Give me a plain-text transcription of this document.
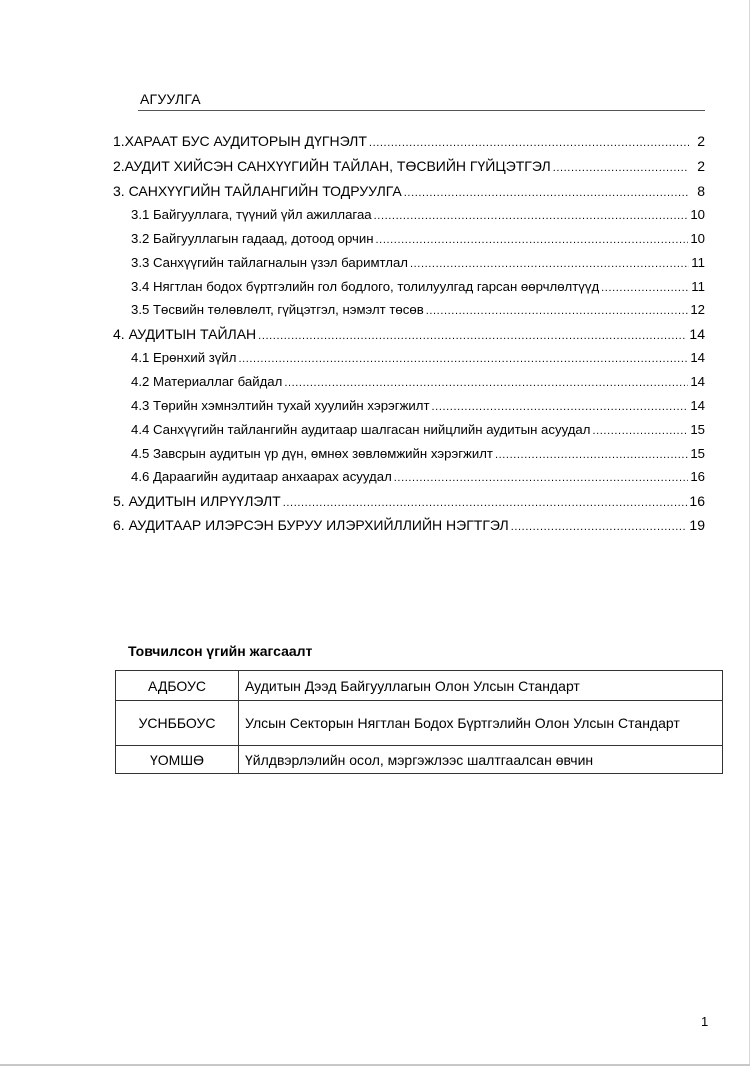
АГУУЛГА
1.ХАРААТ БУС АУДИТОРЫН ДҮГНЭЛТ .....	2
2.АУДИТ ХИЙСЭН САНХҮҮГИЙН ТАЙЛАН, ТӨСВИЙН ГҮЙЦЭТГЭЛ .....	2
3. САНХҮҮГИЙН ТАЙЛАНГИЙН ТОДРУУЛГА .....	8
3.1 Байгууллага, түүний үйл ажиллагаа .....	10
3.2 Байгууллагын гадаад, дотоод орчин .....	10
3.3 Санхүүгийн тайлагналын үзэл баримтлал .....	11
3.4 Нягтлан бодох бүртгэлийн гол бодлого, толилуулгад гарсан өөрчлөлтүүд .....	11
3.5 Төсвийн төлөвлөлт, гүйцэтгэл, нэмэлт төсөв .....	12
4. АУДИТЫН ТАЙЛАН .....	14
4.1 Ерөнхий зүйл .....	14
4.2 Материаллаг байдал .....	14
4.3 Төрийн хэмнэлтийн тухай хуулийн хэрэгжилт .....	14
4.4 Санхүүгийн тайлангийн аудитаар шалгасан нийцлийн аудитын асуудал .....	15
4.5 Завсрын аудитын үр дүн, өмнөх зөвлөмжийн хэрэгжилт .....	15
4.6 Дараагийн аудитаар анхаарах асуудал .....	16
5. АУДИТЫН ИЛРҮҮЛЭЛТ .....	16
6. АУДИТААР ИЛЭРСЭН БУРУУ ИЛЭРХИЙЛЛИЙН НЭГТГЭЛ .....	19
Товчилсон үгийн жагсаалт
АДБОУС	Аудитын Дээд Байгууллагын Олон Улсын Стандарт
УСНББОУС	Улсын Секторын Нягтлан Бодох Бүртгэлийн Олон Улсын Стандарт
ҮОМШӨ	Үйлдвэрлэлийн осол, мэргэжлээс шалтгаалсан өвчин
1
